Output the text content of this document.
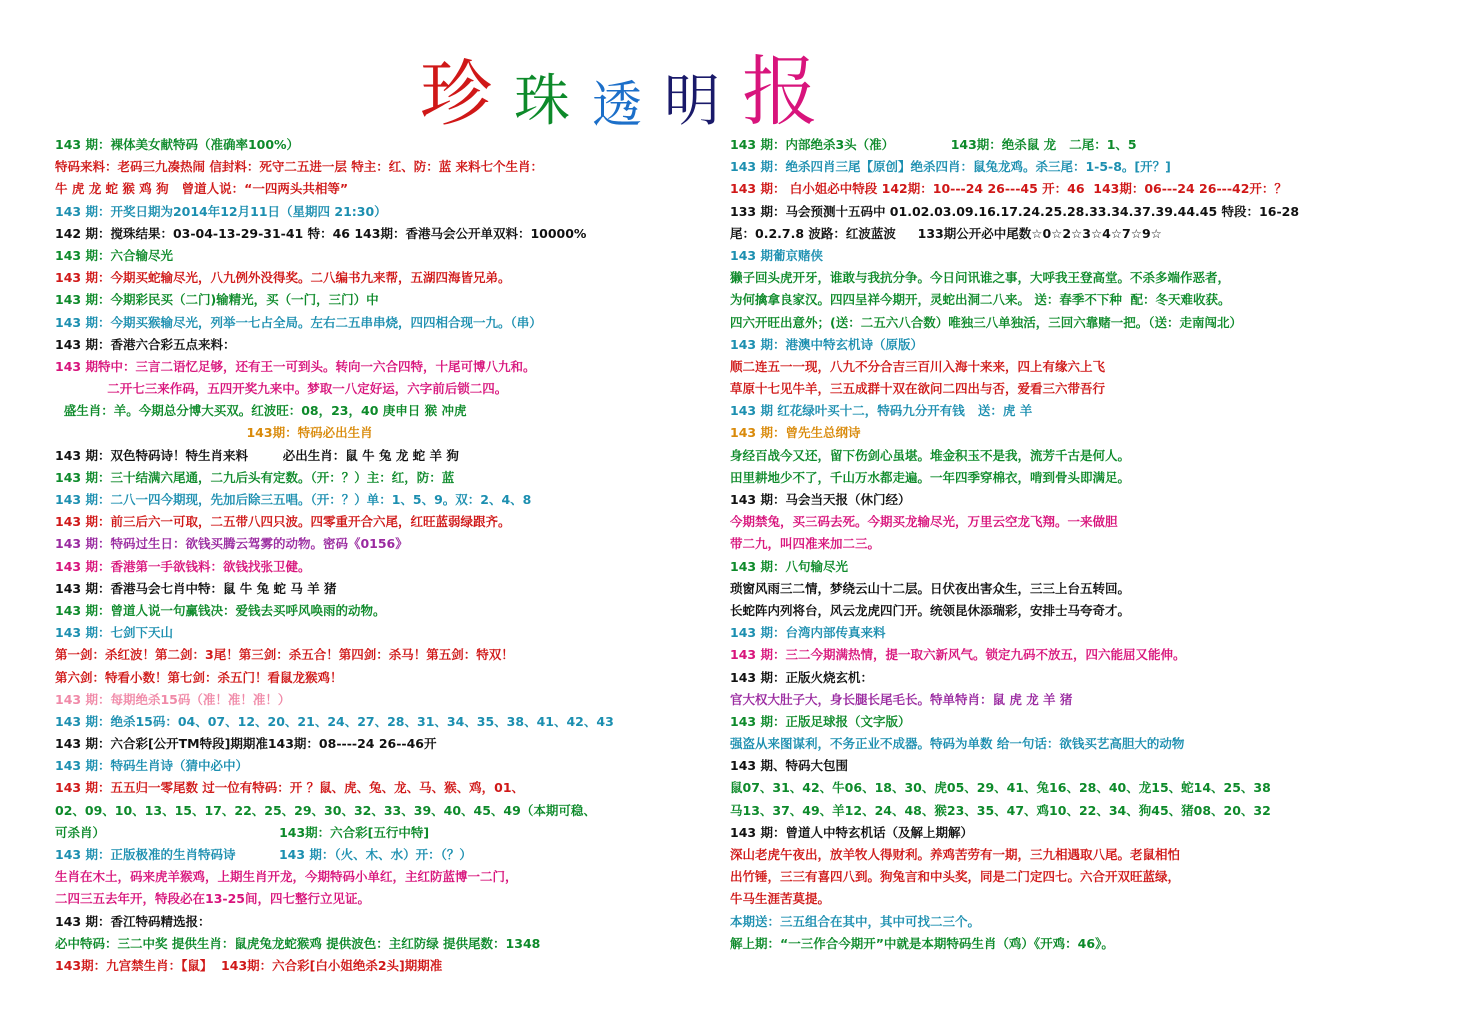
珍 珠 透 明 报
143 期：裸体美女献特码（准确率100%）
特码来料：老码三九凑热闹 信封料：死守二五进一层 特主：红、防：蓝 来料七个生肖：
牛 虎 龙 蛇 猴 鸡 狗   曾道人说：“一四两头共相等”
143 期：开奖日期为2014年12月11日（星期四 21:30）
142 期：搅珠结果：03-04-13-29-31-41 特：46 143期：香港马会公开单双料：10000%
143 期：六合输尽光
143 期：今期买蛇输尽光，八九例外没得奖。二八编书九来帮，五湖四海皆兄弟。
143 期：今期彩民买（二门)输精光，买（一门，三门）中
143 期：今期买猴输尽光，列举一七占全局。左右二五串串烧，四四相合现一九。（串）
143 期：香港六合彩五点来料：
143 期特中：三言二语忆足够，还有王一可到头。转向一六合四特，十尾可博八九和。
二开七三来作码，五四开奖九来中。梦取一八定好运，六字前后锁二四。
盛生肖：羊。今期总分博大买双。红波旺：08，23，40 庚申日 猴 冲虎
143期：特码必出生肖
143 期：双色特码诗！特生肖来料        必出生肖：鼠 牛 兔 龙 蛇 羊 狗
143 期：三十结满六尾通，二九后头有定数。（开：？）主：红，防：蓝
143 期：二八一四今期现，先加后除三五唱。（开：？）单：1、5、9。双：2、4、8
143 期：前三后六一可取，二五带八四只波。四零重开合六尾，红旺蓝弱绿跟齐。
143 期：特码过生日：欲钱买腾云驾雾的动物。密码《0156》
143 期：香港第一手欲钱料：欲钱找张卫健。
143 期：香港马会七肖中特：鼠 牛 兔 蛇 马 羊 猪
143 期：曾道人说一句赢钱决：爱钱去买呼风唤雨的动物。
143 期：七剑下天山
第一剑：杀红波！第二剑：3尾！第三剑：杀五合！第四剑：杀马！第五剑：特双！
第六剑：特看小数！第七剑：杀五门！看鼠龙猴鸡！
143 期：每期绝杀15码（准！准！准！）
143 期：绝杀15码：04、07、12、20、21、24、27、28、31、34、35、38、41、42、43
143 期：六合彩[公开TM特段]期期准143期：08----24 26--46开
143 期：特码生肖诗（猜中必中）
143 期：五五归一零尾数 过一位有特码：开 ？鼠、虎、兔、龙、马、猴、鸡，01、
02、09、10、13、15、17、22、25、29、30、32、33、39、40、45、49（本期可稳、
可杀肖）                                        143期：六合彩[五行中特]
143 期：正版极准的生肖特码诗          143 期：（火、木、水）开：（？）
生肖在木土，码来虎羊猴鸡，上期生肖开龙，今期特码小单红，主红防蓝博一二门，
二四三五去年开，特段必在13-25间，四七整行立见证。
143 期：香江特码精选报：
必中特码：三二中奖 提供生肖：鼠虎兔龙蛇猴鸡 提供波色：主红防绿 提供尾数：1348
143期：九宫禁生肖：【鼠】  143期：六合彩[白小姐绝杀2头]期期准
143 期：内部绝杀3头（准）             143期：绝杀鼠 龙   二尾：1、5
143 期：绝杀四肖三尾【原创】绝杀四肖：鼠兔龙鸡。杀三尾：1-5-8。[开？]
143 期： 白小姐必中特段 142期：10---24 26---45 开：46  143期：06---24 26---42开：？
133 期：马会预测十五码中 01.02.03.09.16.17.24.25.28.33.34.37.39.44.45 特段：16-28
尾：0.2.7.8 波路：红波蓝波     133期公开必中尾数☆0☆2☆3☆4☆7☆9☆
143 期葡京赌侠
獭子回头虎开牙，谁敢与我抗分争。今日问讯谁之事，大呼我王登高堂。不杀多端作恶者，
为何擒拿良家汉。四四呈祥今期开，灵蛇出洞二八来。 送：春季不下种  配：冬天难收获。
四六开旺出意外；(送：二五六八合数）唯独三八单独活，三回六靠赌一把。（送：走南闯北）
143 期：港澳中特玄机诗（原版）
顺二连五一一现，八九不分合吉三百川入海十来来，四上有缘六上飞
草原十七见牛羊，三五成群十双在欲问二四出与否，爱看三六带吾行
143 期 红花绿叶买十二，特码九分开有钱   送：虎 羊
143 期：曾先生总纲诗
身经百战今又还，留下伤剑心虽堪。堆金积玉不是我，流芳千古是何人。
田里耕地少不了，千山万水都走遍。一年四季穿棉衣，啃到骨头即满足。
143 期：马会当天报（休门经）
今期禁兔，买三码去死。今期买龙输尽光，万里云空龙飞翔。一来做胆
带二九，叫四准来加二三。
143 期：八句输尽光
琐窗风雨三二情，梦绕云山十二层。日伏夜出害众生，三三上台五转回。
长蛇阵内列将台，风云龙虎四门开。统领昆休添瑞彩，安排士马夸奇才。
143 期：台湾内部传真来料
143 期：三二今期满热情，提一取六新风气。锁定九码不放五，四六能屈又能伸。
143 期：正版火烧玄机：
官大权大肚子大，身长腿长尾毛长。特单特肖：鼠 虎 龙 羊 猪
143 期：正版足球报（文字版）
强盗从来图谋利，不务正业不成器。特码为单数 给一句话：欲钱买艺高胆大的动物
143 期、特码大包围
鼠07、31、42、牛06、18、30、虎05、29、41、兔16、28、40、龙15、蛇14、25、38
马13、37、49、羊12、24、48、猴23、35、47、鸡10、22、34、狗45、猪08、20、32
143 期：曾道人中特玄机话（及解上期解）
深山老虎午夜出，放羊牧人得财利。养鸡苦劳有一期，三九相遇取八尾。老鼠相怕
出竹锤，三三有喜四八到。狗兔言和中头奖，同是二门定四七。六合开双旺蓝绿，
牛马生涯苦莫提。
本期送：三五组合在其中，其中可找二三个。
解上期：“一三作合今期开”中就是本期特码生肖（鸡）《开鸡：46》。
